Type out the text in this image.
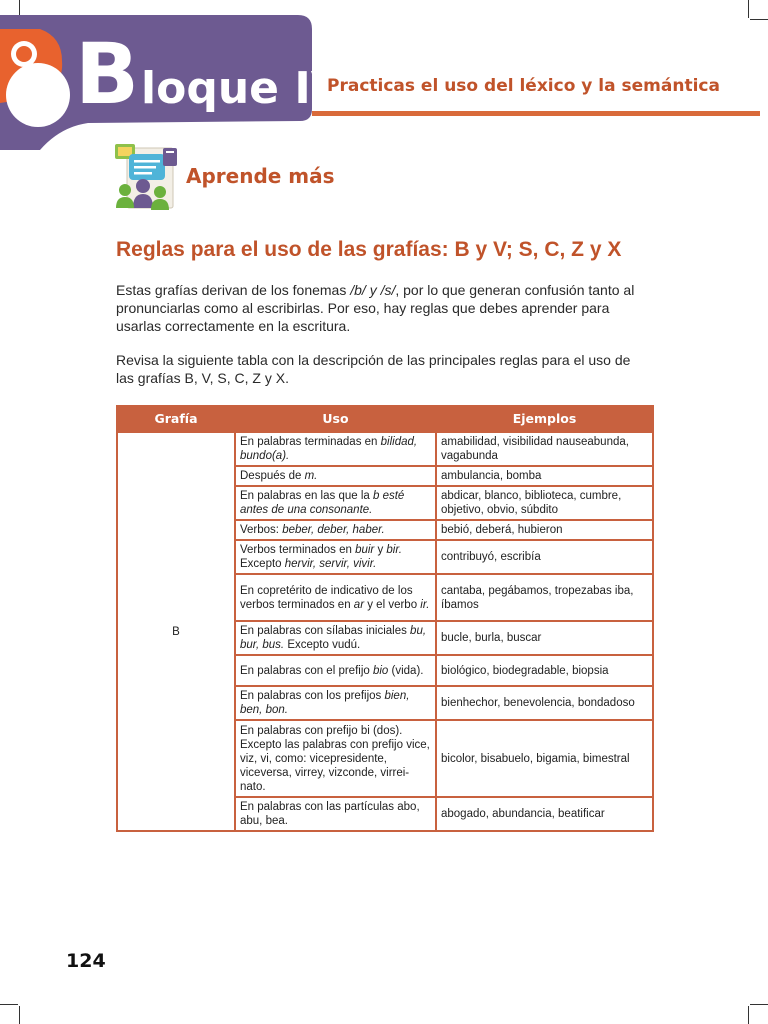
Bloque IV
Practicas el uso del léxico y la semántica
Aprende más
Reglas para el uso de las grafías: B y V; S, C, Z y X

Estas grafías derivan de los fonemas /b/ y /s/, por lo que generan confusión tanto al pronunciarlas como al escribirlas. Por eso, hay reglas que debes aprender para usarlas correctamente en la escritura.

Revisa la siguiente tabla con la descripción de las principales reglas para el uso de las grafías B, V, S, C, Z y X.

Grafía	Uso	Ejemplos
B	En palabras terminadas en bilidad, bundo(a).	amabilidad, visibilidad nauseabunda, vagabunda
	Después de m.	ambulancia, bomba
	En palabras en las que la b esté antes de una consonante.	abdicar, blanco, biblioteca, cumbre, objetivo, obvio, súbdito
	Verbos: beber, deber, haber.	bebió, deberá, hubieron
	Verbos terminados en buir y bir. Excepto hervir, servir, vivir.	contribuyó, escribía
	En copretérito de indicativo de los verbos terminados en ar y el verbo ir.	cantaba, pegábamos, tropezabas iba, íbamos
	En palabras con sílabas iniciales bu, bur, bus. Excepto vudú.	bucle, burla, buscar
	En palabras con el prefijo bio (vida).	biológico, biodegradable, biopsia
	En palabras con los prefijos bien, ben, bon.	bienhechor, benevolencia, bondadoso
	En palabras con prefijo bi (dos). Excepto las palabras con prefijo vice, viz, vi, como: vicepresidente, viceversa, virrey, vizconde, virrei-nato.	bicolor, bisabuelo, bigamia, bimestral
	En palabras con las partículas abo, abu, bea.	abogado, abundancia, beatificar
124
